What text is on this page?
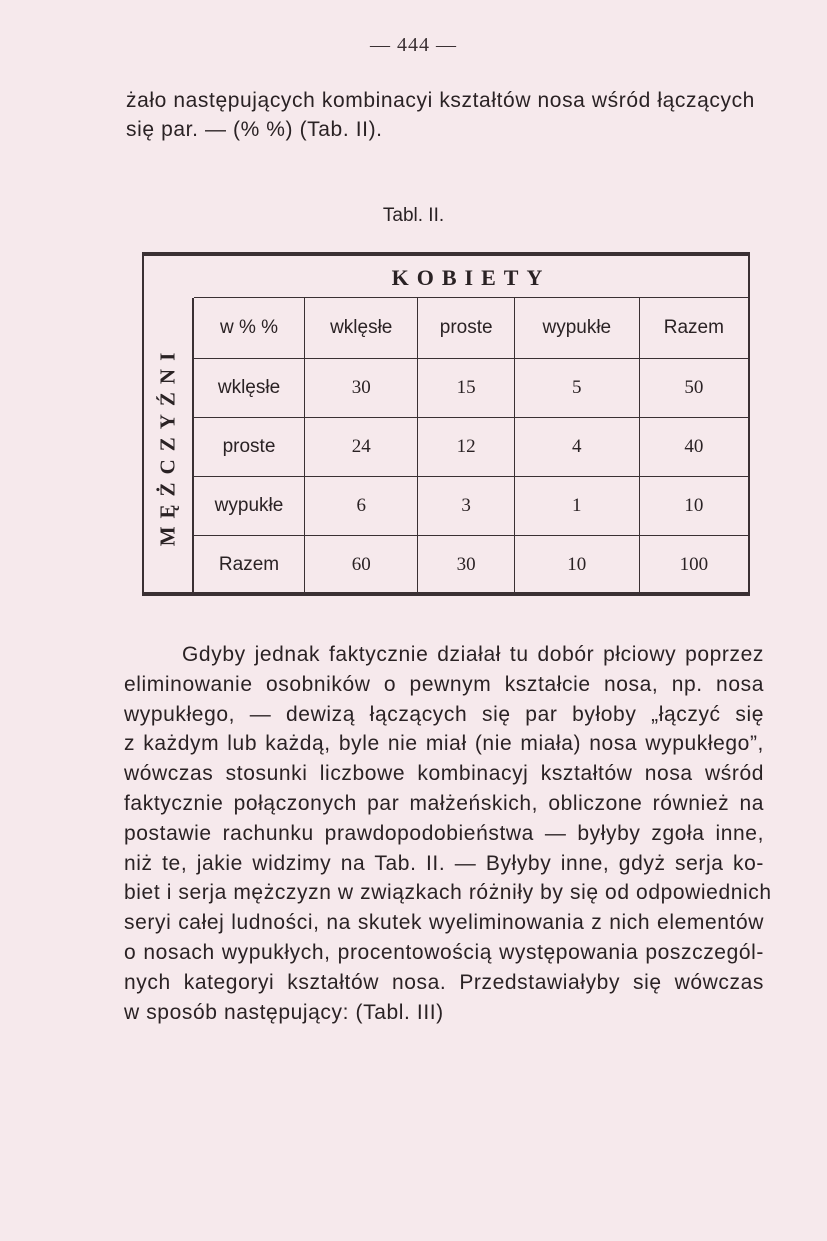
— 444 —

żało następujących kombinacyi kształtów nosa wśród łączących

się par. — (% %) (Tab. II).

Tabl. II.
KOBIETY
MĘŻCZYŹNI
w % %	wklęsłe	proste	wypukłe	Razem
wklęsłe	30	15	5	50
proste	24	12	4	40
wypukłe	6	3	1	10
Razem	60	30	10	100
Gdyby jednak faktycznie działał tu dobór płciowy poprzez
eliminowanie osobników o pewnym kształcie nosa, np. nosa
wypukłego, — dewizą łączących się par byłoby „łączyć się
z każdym lub każdą, byle nie miał (nie miała) nosa wypukłego”,
wówczas stosunki liczbowe kombinacyj kształtów nosa wśród
faktycznie połączonych par małżeńskich, obliczone również na
postawie rachunku prawdopodobieństwa — byłyby zgoła inne,
niż te, jakie widzimy na Tab. II. — Byłyby inne, gdyż serja ko-
biet i serja mężczyzn w związkach różniły by się od odpowiednich
seryi całej ludności, na skutek wyeliminowania z nich elementów
o nosach wypukłych, procentowością występowania poszczegól-
nych kategoryi kształtów nosa. Przedstawiałyby się wówczas
w sposób następujący: (Tabl. III)
